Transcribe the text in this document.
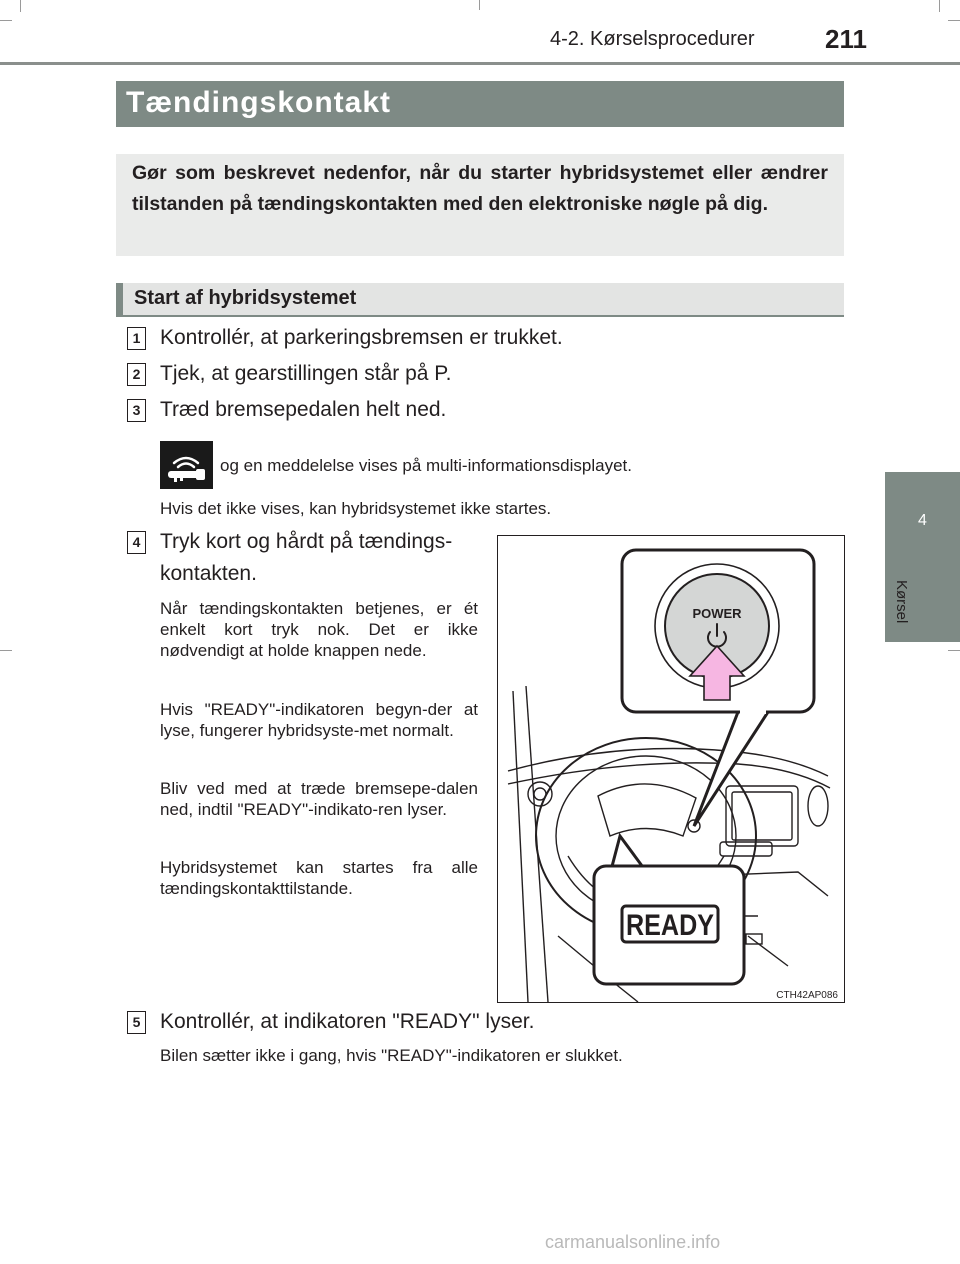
4-2. Kørselsprocedurer	211
4
Kørsel
Tændingskontakt
Gør som beskrevet nedenfor, når du starter hybridsystemet eller ændrer tilstanden på tændingskontakten med den elektroniske nøgle på dig.
Start af hybridsystemet
1 Kontrollér, at parkeringsbremsen er trukket.
2 Tjek, at gearstillingen står på P.
3 Træd bremsepedalen helt ned.
og en meddelelse vises på multi-informationsdisplayet.
Hvis det ikke vises, kan hybridsystemet ikke startes.
4 Tryk kort og hårdt på tændings-
kontakten.
Når tændingskontakten betjenes, er ét enkelt kort tryk nok. Det er ikke nødvendigt at holde knappen nede.
Hvis "READY"-indikatoren begyn-der at lyse, fungerer hybridsyste-met normalt.
Bliv ved med at træde bremsepe-dalen ned, indtil "READY"-indikato-ren lyser.
Hybridsystemet kan startes fra alle tændingskontakttilstande.
POWER
READY
CTH42AP086
5 Kontrollér, at indikatoren "READY" lyser.
Bilen sætter ikke i gang, hvis "READY"-indikatoren er slukket.
carmanualsonline.info
